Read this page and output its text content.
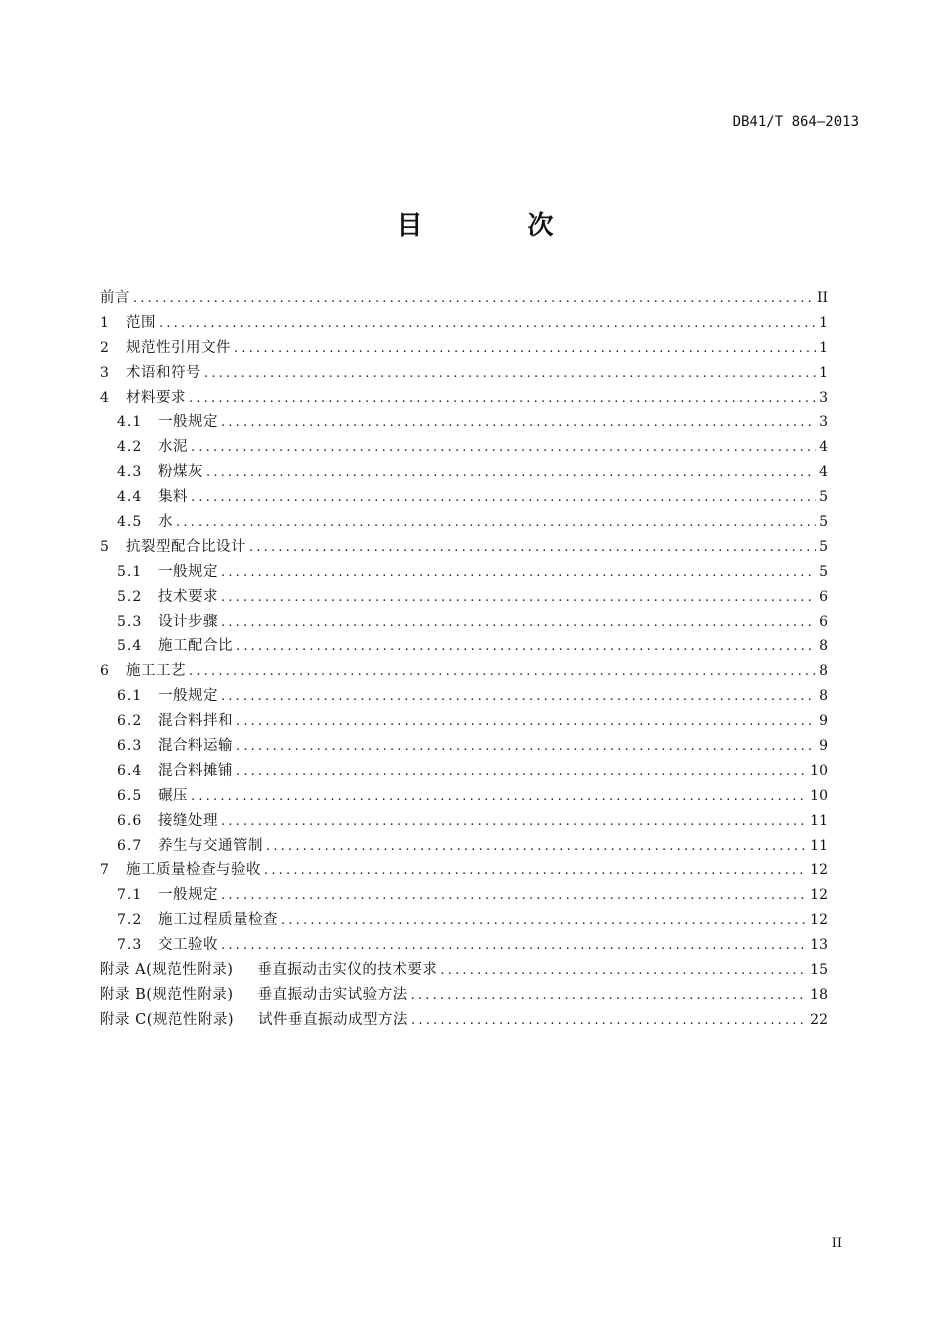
DB41/T 864—2013
目 次
前言 .....	II
1	范围 .....	1
2	规范性引用文件 .....	1
3	术语和符号 .....	1
4	材料要求 .....	3
4.1	一般规定 .....	3
4.2	水泥 .....	4
4.3	粉煤灰 .....	4
4.4	集料 .....	5
4.5	水 .....	5
5	抗裂型配合比设计 .....	5
5.1	一般规定 .....	5
5.2	技术要求 .....	6
5.3	设计步骤 .....	6
5.4	施工配合比 .....	8
6	施工工艺 .....	8
6.1	一般规定 .....	8
6.2	混合料拌和 .....	9
6.3	混合料运输 .....	9
6.4	混合料摊铺 .....	10
6.5	碾压 .....	10
6.6	接缝处理 .....	11
6.7	养生与交通管制 .....	11
7	施工质量检查与验收 .....	12
7.1	一般规定 .....	12
7.2	施工过程质量检查 .....	12
7.3	交工验收 .....	13
附录 A(规范性附录)	垂直振动击实仪的技术要求 .....	15
附录 B(规范性附录)	垂直振动击实试验方法 .....	18
附录 C(规范性附录)	试件垂直振动成型方法 .....	22
II
